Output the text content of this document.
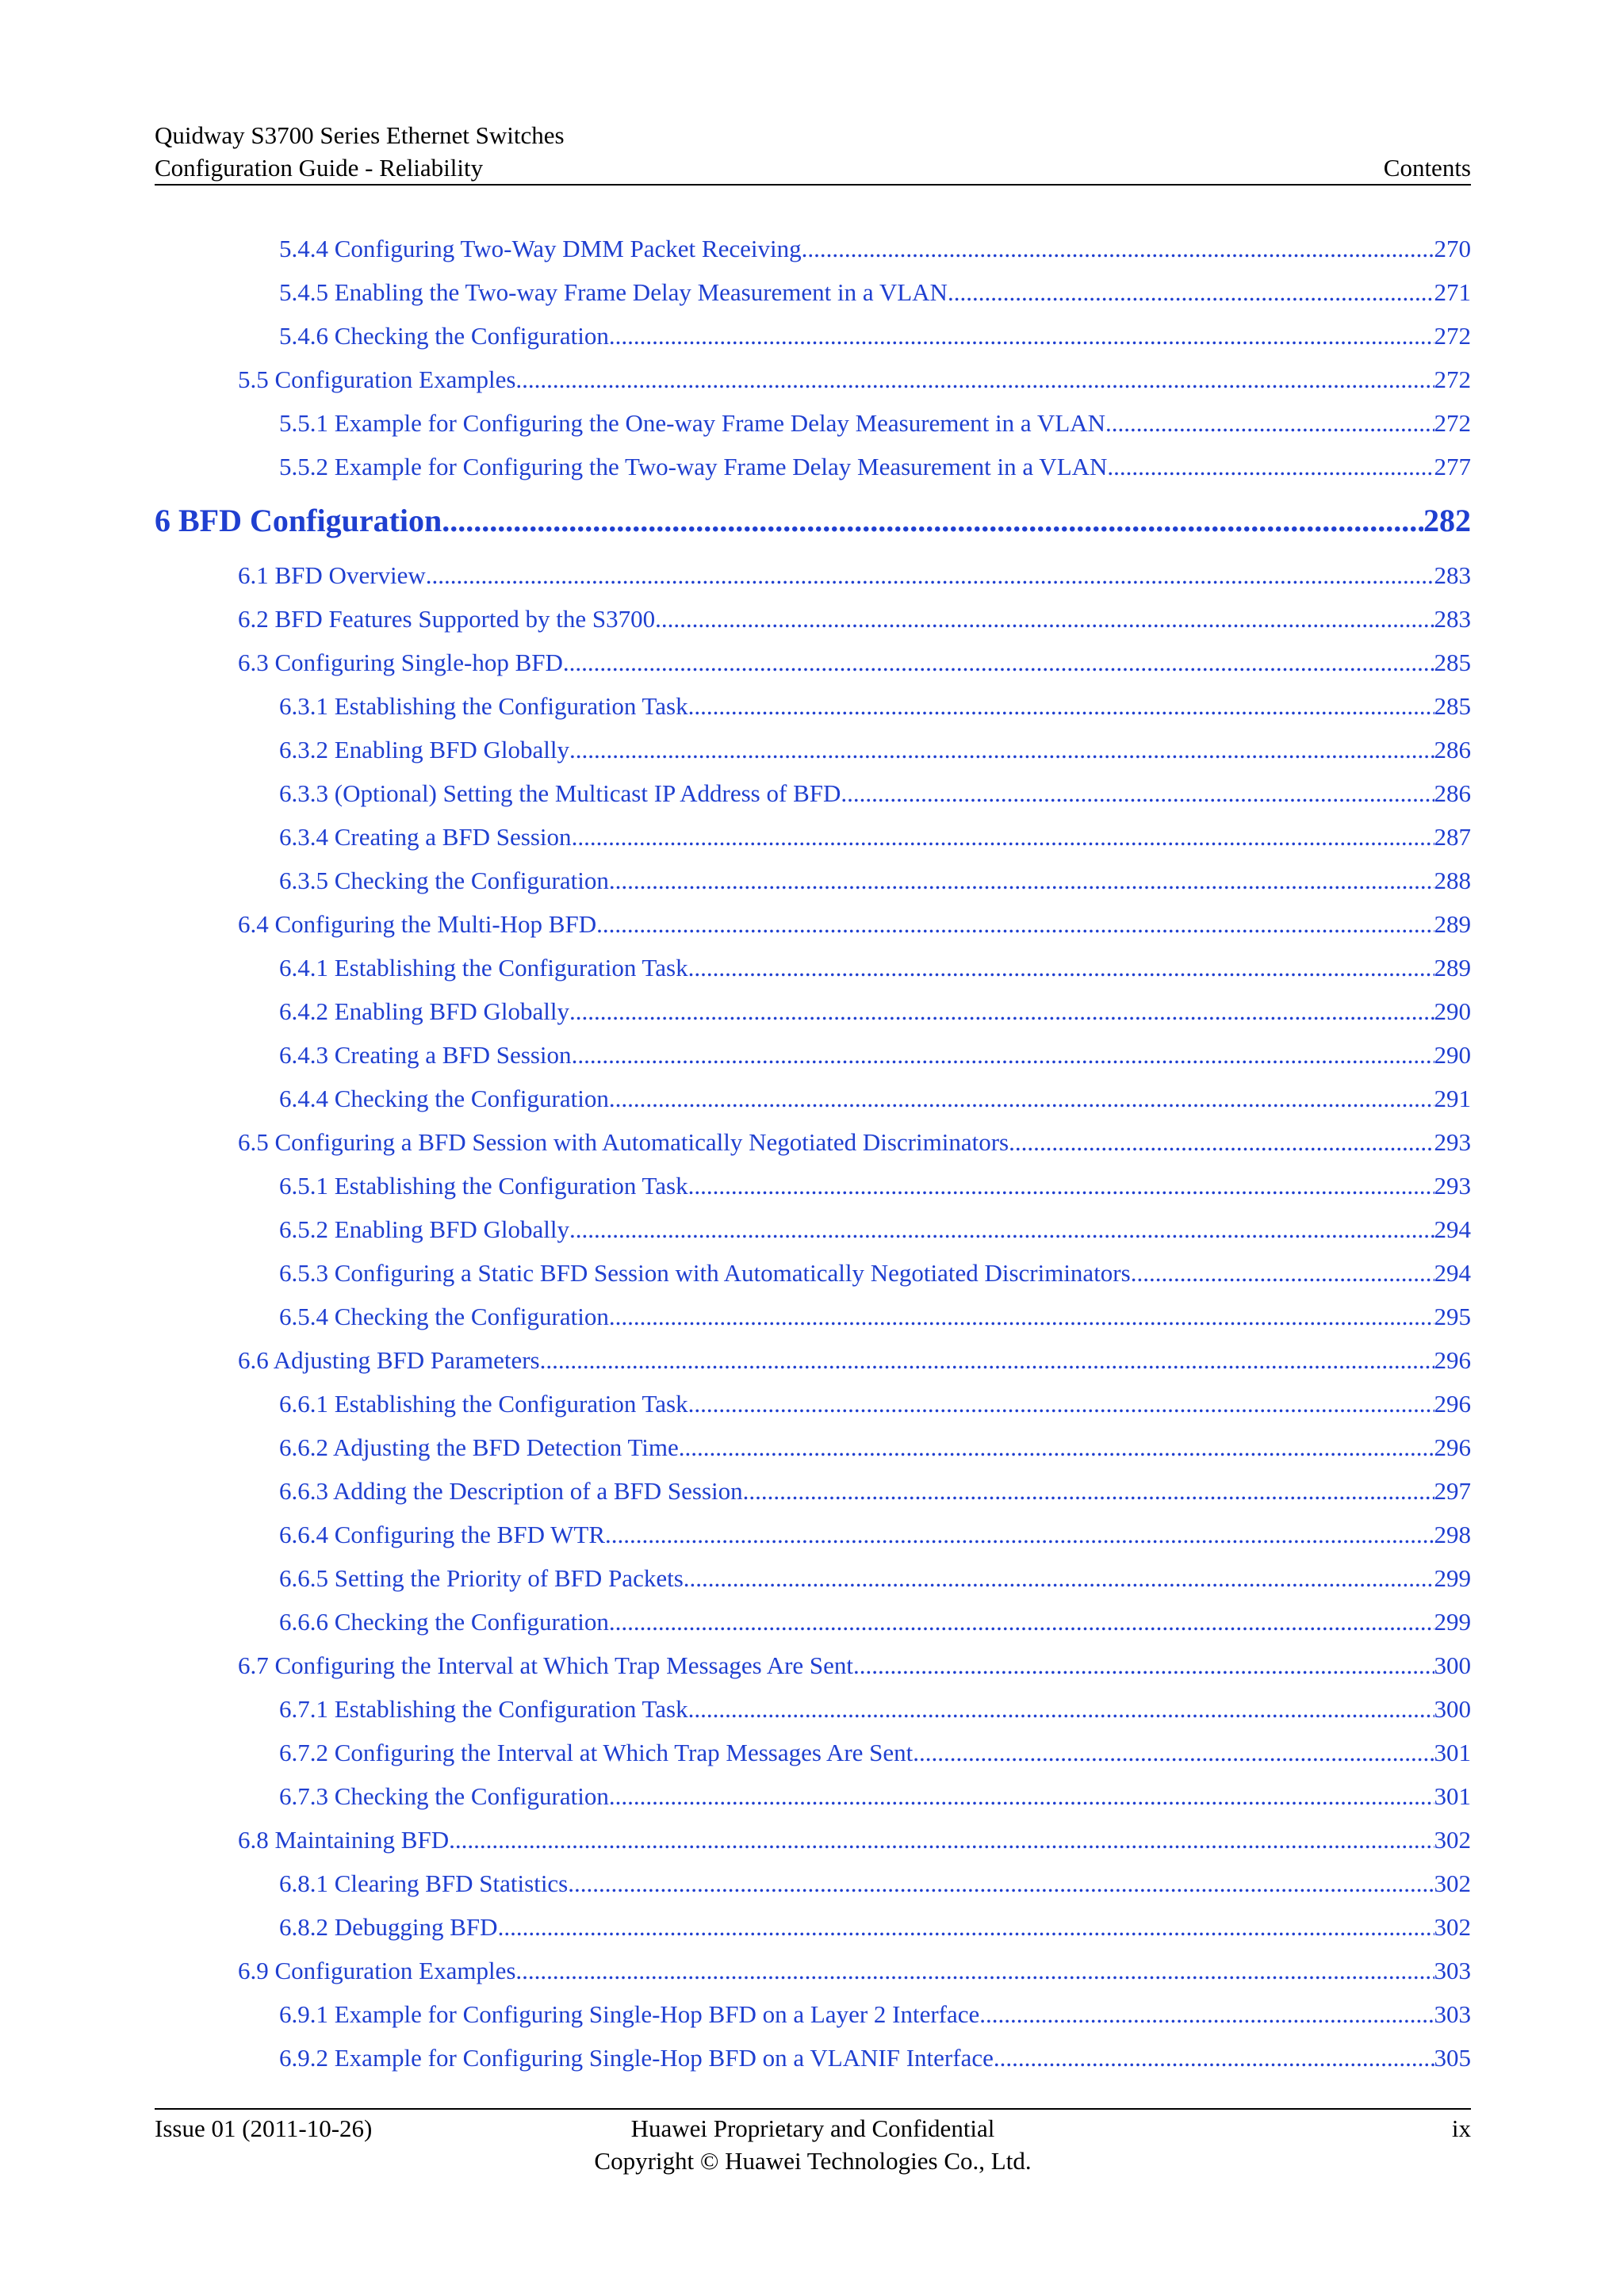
Quidway S3700 Series Ethernet Switches
Configuration Guide - Reliability	Contents
5.4.4 Configuring Two-Way DMM Packet Receiving .....	270
5.4.5 Enabling the Two-way Frame Delay Measurement in a VLAN .....	271
5.4.6 Checking the Configuration .....	272
5.5 Configuration Examples .....	272
5.5.1 Example for Configuring the One-way Frame Delay Measurement in a VLAN .....	272
5.5.2 Example for Configuring the Two-way Frame Delay Measurement in a VLAN .....	277
6 BFD Configuration .....	282
6.1 BFD Overview .....	283
6.2 BFD Features Supported by the S3700 .....	283
6.3 Configuring Single-hop BFD .....	285
6.3.1 Establishing the Configuration Task .....	285
6.3.2 Enabling BFD Globally .....	286
6.3.3 (Optional) Setting the Multicast IP Address of BFD .....	286
6.3.4 Creating a BFD Session .....	287
6.3.5 Checking the Configuration .....	288
6.4 Configuring the Multi-Hop BFD .....	289
6.4.1 Establishing the Configuration Task .....	289
6.4.2 Enabling BFD Globally .....	290
6.4.3 Creating a BFD Session .....	290
6.4.4 Checking the Configuration .....	291
6.5 Configuring a BFD Session with Automatically Negotiated Discriminators .....	293
6.5.1 Establishing the Configuration Task .....	293
6.5.2 Enabling BFD Globally .....	294
6.5.3 Configuring a Static BFD Session with Automatically Negotiated Discriminators .....	294
6.5.4 Checking the Configuration .....	295
6.6 Adjusting BFD Parameters .....	296
6.6.1 Establishing the Configuration Task .....	296
6.6.2 Adjusting the BFD Detection Time .....	296
6.6.3 Adding the Description of a BFD Session .....	297
6.6.4 Configuring the BFD WTR .....	298
6.6.5 Setting the Priority of BFD Packets .....	299
6.6.6 Checking the Configuration .....	299
6.7 Configuring the Interval at Which Trap Messages Are Sent .....	300
6.7.1 Establishing the Configuration Task .....	300
6.7.2 Configuring the Interval at Which Trap Messages Are Sent .....	301
6.7.3 Checking the Configuration .....	301
6.8 Maintaining BFD .....	302
6.8.1 Clearing BFD Statistics .....	302
6.8.2 Debugging BFD .....	302
6.9 Configuration Examples .....	303
6.9.1 Example for Configuring Single-Hop BFD on a Layer 2 Interface .....	303
6.9.2 Example for Configuring Single-Hop BFD on a VLANIF Interface .....	305
Issue 01 (2011-10-26)	Huawei Proprietary and Confidential
Copyright © Huawei Technologies Co., Ltd.
ix
